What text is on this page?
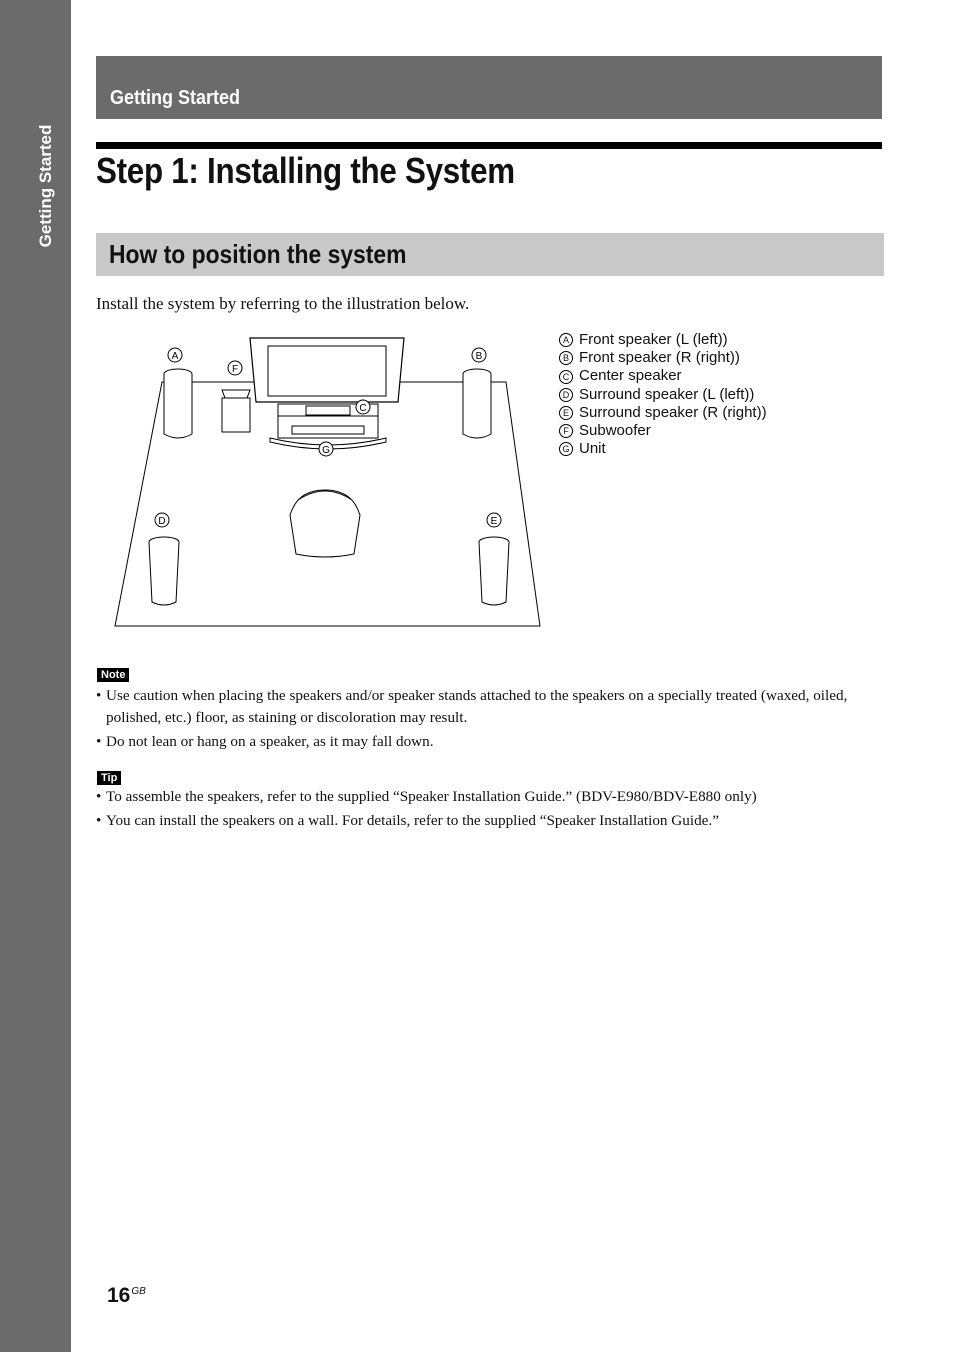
Getting Started
Getting Started
Step 1: Installing the System
How to position the system
Install the system by referring to the illustration below.
A	B
C
D	E
F
G
A Front speaker (L (left))
B Front speaker (R (right))
C Center speaker
D Surround speaker (L (left))
E Surround speaker (R (right))
F Subwoofer
G Unit
Note
• Use caution when placing the speakers and/or speaker stands attached to the speakers on a specially treated (waxed, oiled, polished, etc.) floor, as staining or discoloration may result.
• Do not lean or hang on a speaker, as it may fall down.
Tip
• To assemble the speakers, refer to the supplied “Speaker Installation Guide.” (BDV-E980/BDV-E880 only)
• You can install the speakers on a wall. For details, refer to the supplied “Speaker Installation Guide.”
$16^{GB}$
